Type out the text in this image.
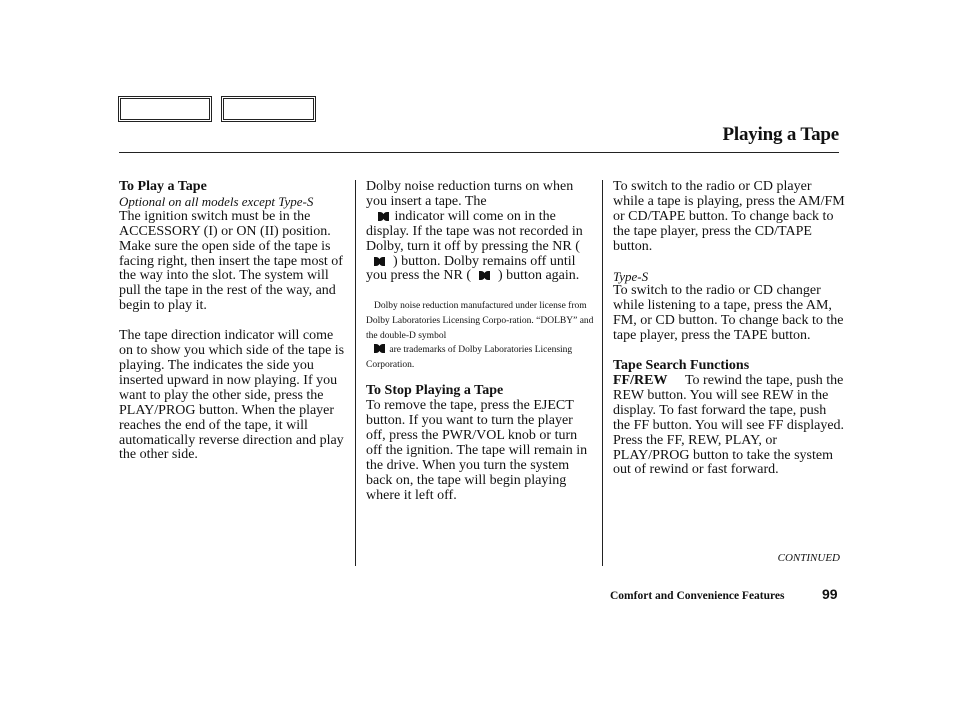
Playing a Tape

To Play a Tape

Optional on all models except Type-S

The ignition switch must be in the ACCESSORY (I) or ON (II) position. Make sure the open side of the tape is facing right, then insert the tape most of the way into the slot. The system will pull the tape in the rest of the way, and begin to play it.

The tape direction indicator will come on to show you which side of the tape is playing. The indicates the side you inserted upward in now playing. If you want to play the other side, press the PLAY/PROG button. When the player reaches the end of the tape, it will automatically reverse direction and play the other side.

Dolby noise reduction turns on when you insert a tape. The
indicator will come on in the display. If the tape was not recorded in Dolby, turn it off by pressing the NR () button. Dolby remains off until you press the NR ( ) button again.

Dolby noise reduction manufactured under license from Dolby Laboratories Licensing Corpo-ration. “DOLBY” and the double-D symbol
are trademarks of Dolby Laboratories Licensing Corporation.

To Stop Playing a Tape

To remove the tape, press the EJECT button. If you want to turn the player off, press the PWR/VOL knob or turn off the ignition. The tape will remain in the drive. When you turn the system back on, the tape will begin playing where it left off.

To switch to the radio or CD player while a tape is playing, press the AM/FM or CD/TAPE button. To change back to the tape player, press the CD/TAPE button.

Type-S

To switch to the radio or CD changer while listening to a tape, press the AM, FM, or CD button. To change back to the tape player, press the TAPE button.

Tape Search Functions

FF/REW To rewind the tape, push the REW button. You will see REW in the display. To fast forward the tape, push the FF button. You will see FF displayed. Press the FF, REW, PLAY, or PLAY/PROG button to take the system out of rewind or fast forward.

CONTINUED
Comfort and Convenience Features	99
